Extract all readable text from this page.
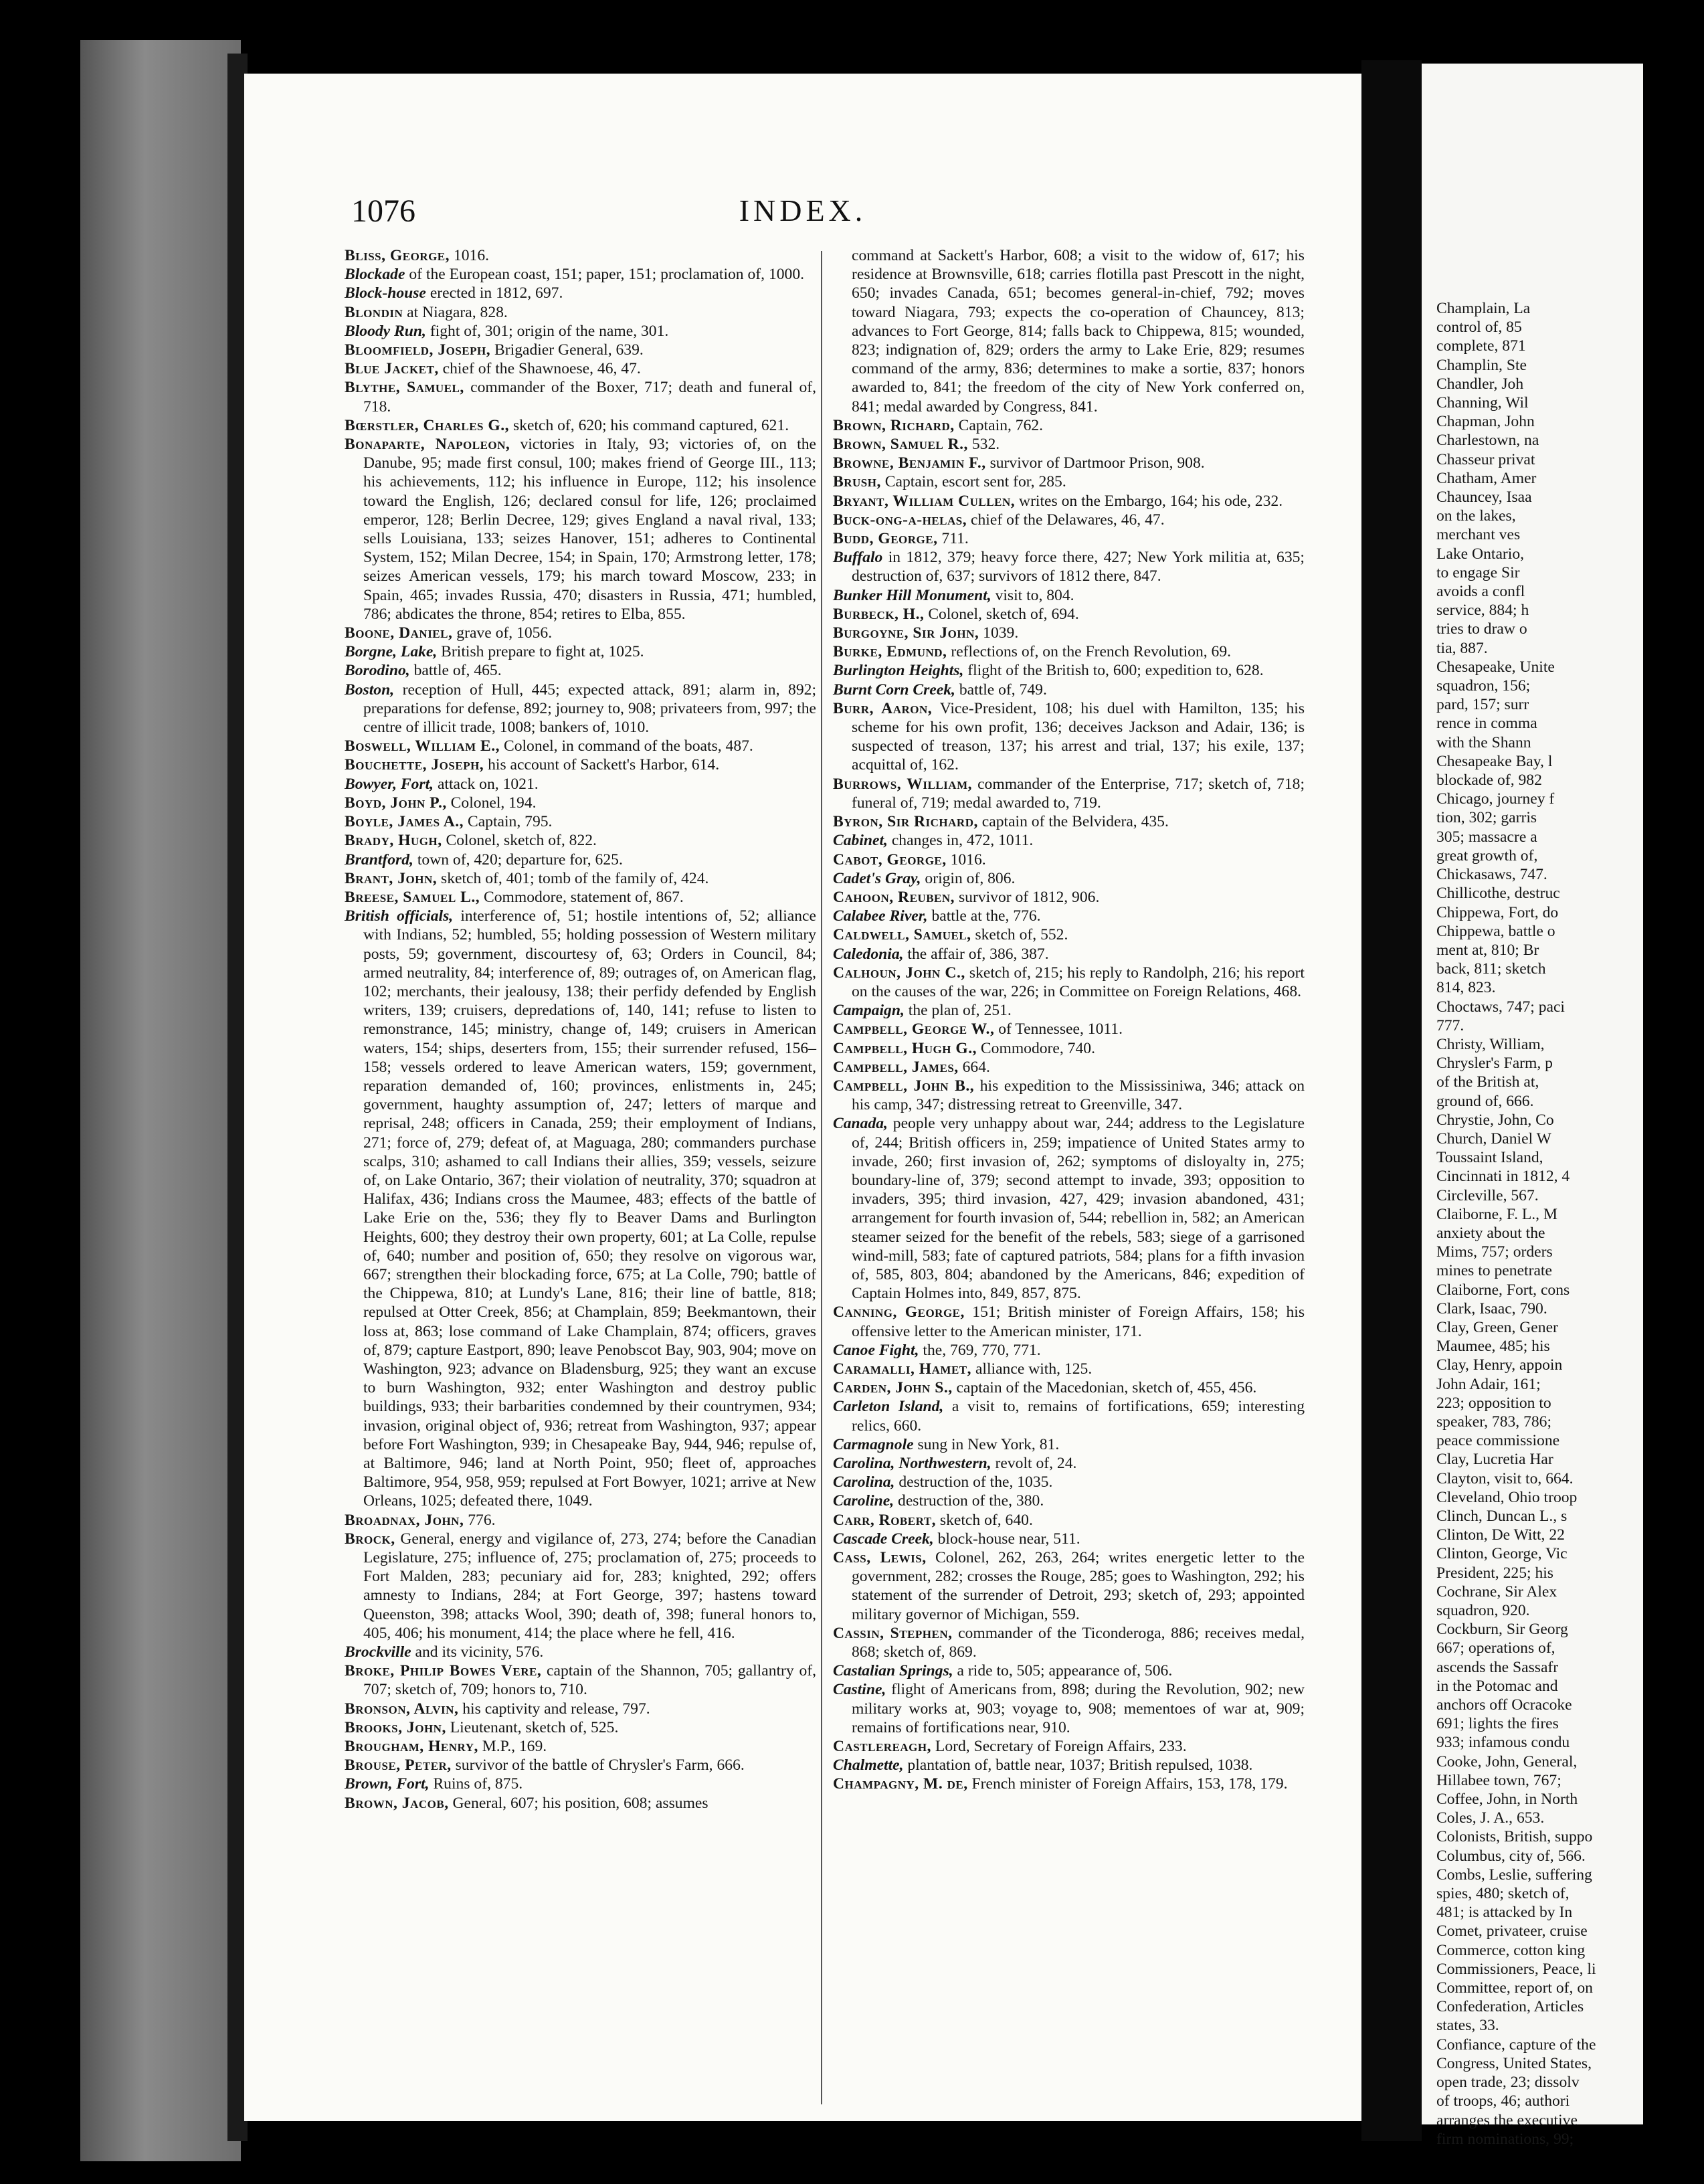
1076	INDEX.

Bliss, George, 1016.

Blockade of the European coast, 151; paper, 151; proclamation of, 1000.

Block-house erected in 1812, 697.

Blondin at Niagara, 828.

Bloody Run, fight of, 301; origin of the name, 301.

Bloomfield, Joseph, Brigadier General, 639.

Blue Jacket, chief of the Shawnoese, 46, 47.

Blythe, Samuel, commander of the Boxer, 717; death and funeral of, 718.

Bœrstler, Charles G., sketch of, 620; his command captured, 621.

Bonaparte, Napoleon, victories in Italy, 93; victories of, on the Danube, 95; made first consul, 100; makes friend of George III., 113; his achievements, 112; his influence in Europe, 112; his insolence toward the English, 126; declared consul for life, 126; proclaimed emperor, 128; Berlin Decree, 129; gives England a naval rival, 133; sells Louisiana, 133; seizes Hanover, 151; adheres to Continental System, 152; Milan Decree, 154; in Spain, 170; Armstrong letter, 178; seizes American vessels, 179; his march toward Moscow, 233; in Spain, 465; invades Russia, 470; disasters in Russia, 471; humbled, 786; abdicates the throne, 854; retires to Elba, 855.

Boone, Daniel, grave of, 1056.

Borgne, Lake, British prepare to fight at, 1025.

Borodino, battle of, 465.

Boston, reception of Hull, 445; expected attack, 891; alarm in, 892; preparations for defense, 892; journey to, 908; privateers from, 997; the centre of illicit trade, 1008; bankers of, 1010.

Boswell, William E., Colonel, in command of the boats, 487.

Bouchette, Joseph, his account of Sackett's Harbor, 614.

Bowyer, Fort, attack on, 1021.

Boyd, John P., Colonel, 194.

Boyle, James A., Captain, 795.

Brady, Hugh, Colonel, sketch of, 822.

Brantford, town of, 420; departure for, 625.

Brant, John, sketch of, 401; tomb of the family of, 424.

Breese, Samuel L., Commodore, statement of, 867.

British officials, interference of, 51; hostile intentions of, 52; alliance with Indians, 52; humbled, 55; holding possession of Western military posts, 59; government, discourtesy of, 63; Orders in Council, 84; armed neutrality, 84; interference of, 89; outrages of, on American flag, 102; merchants, their jealousy, 138; their perfidy defended by English writers, 139; cruisers, depredations of, 140, 141; refuse to listen to remonstrance, 145; ministry, change of, 149; cruisers in American waters, 154; ships, deserters from, 155; their surrender refused, 156–158; vessels ordered to leave American waters, 159; government, reparation demanded of, 160; provinces, enlistments in, 245; government, haughty assumption of, 247; letters of marque and reprisal, 248; officers in Canada, 259; their employment of Indians, 271; force of, 279; defeat of, at Maguaga, 280; commanders purchase scalps, 310; ashamed to call Indians their allies, 359; vessels, seizure of, on Lake Ontario, 367; their violation of neutrality, 370; squadron at Halifax, 436; Indians cross the Maumee, 483; effects of the battle of Lake Erie on the, 536; they fly to Beaver Dams and Burlington Heights, 600; they destroy their own property, 601; at La Colle, repulse of, 640; number and position of, 650; they resolve on vigorous war, 667; strengthen their blockading force, 675; at La Colle, 790; battle of the Chippewa, 810; at Lundy's Lane, 816; their line of battle, 818; repulsed at Otter Creek, 856; at Champlain, 859; Beekmantown, their loss at, 863; lose command of Lake Champlain, 874; officers, graves of, 879; capture Eastport, 890; leave Penobscot Bay, 903, 904; move on Washington, 923; advance on Bladensburg, 925; they want an excuse to burn Washington, 932; enter Washington and destroy public buildings, 933; their barbarities condemned by their countrymen, 934; invasion, original object of, 936; retreat from Washington, 937; appear before Fort Washington, 939; in Chesapeake Bay, 944, 946; repulse of, at Baltimore, 946; land at North Point, 950; fleet of, approaches Baltimore, 954, 958, 959; repulsed at Fort Bowyer, 1021; arrive at New Orleans, 1025; defeated there, 1049.

Broadnax, John, 776.

Brock, General, energy and vigilance of, 273, 274; before the Canadian Legislature, 275; influence of, 275; proclamation of, 275; proceeds to Fort Malden, 283; pecuniary aid for, 283; knighted, 292; offers amnesty to Indians, 284; at Fort George, 397; hastens toward Queenston, 398; attacks Wool, 390; death of, 398; funeral honors to, 405, 406; his monument, 414; the place where he fell, 416.

Brockville and its vicinity, 576.

Broke, Philip Bowes Vere, captain of the Shannon, 705; gallantry of, 707; sketch of, 709; honors to, 710.

Bronson, Alvin, his captivity and release, 797.

Brooks, John, Lieutenant, sketch of, 525.

Brougham, Henry, M.P., 169.

Brouse, Peter, survivor of the battle of Chrysler's Farm, 666.

Brown, Fort, Ruins of, 875.

Brown, Jacob, General, 607; his position, 608; assumes

command at Sackett's Harbor, 608; a visit to the widow of, 617; his residence at Brownsville, 618; carries flotilla past Prescott in the night, 650; invades Canada, 651; becomes general-in-chief, 792; moves toward Niagara, 793; expects the co-operation of Chauncey, 813; advances to Fort George, 814; falls back to Chippewa, 815; wounded, 823; indignation of, 829; orders the army to Lake Erie, 829; resumes command of the army, 836; determines to make a sortie, 837; honors awarded to, 841; the freedom of the city of New York conferred on, 841; medal awarded by Congress, 841.

Brown, Richard, Captain, 762.

Brown, Samuel R., 532.

Browne, Benjamin F., survivor of Dartmoor Prison, 908.

Brush, Captain, escort sent for, 285.

Bryant, William Cullen, writes on the Embargo, 164; his ode, 232.

Buck-ong-a-helas, chief of the Delawares, 46, 47.

Budd, George, 711.

Buffalo in 1812, 379; heavy force there, 427; New York militia at, 635; destruction of, 637; survivors of 1812 there, 847.

Bunker Hill Monument, visit to, 804.

Burbeck, H., Colonel, sketch of, 694.

Burgoyne, Sir John, 1039.

Burke, Edmund, reflections of, on the French Revolution, 69.

Burlington Heights, flight of the British to, 600; expedition to, 628.

Burnt Corn Creek, battle of, 749.

Burr, Aaron, Vice-President, 108; his duel with Hamilton, 135; his scheme for his own profit, 136; deceives Jackson and Adair, 136; is suspected of treason, 137; his arrest and trial, 137; his exile, 137; acquittal of, 162.

Burrows, William, commander of the Enterprise, 717; sketch of, 718; funeral of, 719; medal awarded to, 719.

Byron, Sir Richard, captain of the Belvidera, 435.

Cabinet, changes in, 472, 1011.

Cabot, George, 1016.

Cadet's Gray, origin of, 806.

Cahoon, Reuben, survivor of 1812, 906.

Calabee River, battle at the, 776.

Caldwell, Samuel, sketch of, 552.

Caledonia, the affair of, 386, 387.

Calhoun, John C., sketch of, 215; his reply to Randolph, 216; his report on the causes of the war, 226; in Committee on Foreign Relations, 468.

Campaign, the plan of, 251.

Campbell, George W., of Tennessee, 1011.

Campbell, Hugh G., Commodore, 740.

Campbell, James, 664.

Campbell, John B., his expedition to the Mississiniwa, 346; attack on his camp, 347; distressing retreat to Greenville, 347.

Canada, people very unhappy about war, 244; address to the Legislature of, 244; British officers in, 259; impatience of United States army to invade, 260; first invasion of, 262; symptoms of disloyalty in, 275; boundary-line of, 379; second attempt to invade, 393; opposition to invaders, 395; third invasion, 427, 429; invasion abandoned, 431; arrangement for fourth invasion of, 544; rebellion in, 582; an American steamer seized for the benefit of the rebels, 583; siege of a garrisoned wind-mill, 583; fate of captured patriots, 584; plans for a fifth invasion of, 585, 803, 804; abandoned by the Americans, 846; expedition of Captain Holmes into, 849, 857, 875.

Canning, George, 151; British minister of Foreign Affairs, 158; his offensive letter to the American minister, 171.

Canoe Fight, the, 769, 770, 771.

Caramalli, Hamet, alliance with, 125.

Carden, John S., captain of the Macedonian, sketch of, 455, 456.

Carleton Island, a visit to, remains of fortifications, 659; interesting relics, 660.

Carmagnole sung in New York, 81.

Carolina, Northwestern, revolt of, 24.

Carolina, destruction of the, 1035.

Caroline, destruction of the, 380.

Carr, Robert, sketch of, 640.

Cascade Creek, block-house near, 511.

Cass, Lewis, Colonel, 262, 263, 264; writes energetic letter to the government, 282; crosses the Rouge, 285; goes to Washington, 292; his statement of the surrender of Detroit, 293; sketch of, 293; appointed military governor of Michigan, 559.

Cassin, Stephen, commander of the Ticonderoga, 886; receives medal, 868; sketch of, 869.

Castalian Springs, a ride to, 505; appearance of, 506.

Castine, flight of Americans from, 898; during the Revolution, 902; new military works at, 903; voyage to, 908; mementoes of war at, 909; remains of fortifications near, 910.

Castlereagh, Lord, Secretary of Foreign Affairs, 233.

Chalmette, plantation of, battle near, 1037; British repulsed, 1038.

Champagny, M. de, French minister of Foreign Affairs, 153, 178, 179.

Champlain, La
control of, 85
complete, 871
Champlin, Ste
Chandler, Joh
Channing, Wil
Chapman, John
Charlestown, na
Chasseur privat
Chatham, Amer
Chauncey, Isaa
on the lakes,
merchant ves
Lake Ontario,
to engage Sir
avoids a confl
service, 884; h
tries to draw o
tia, 887.
Chesapeake, Unite
squadron, 156;
pard, 157; surr
rence in comma
with the Shann
Chesapeake Bay, l
blockade of, 982
Chicago, journey f
tion, 302; garris
305; massacre a
great growth of,
Chickasaws, 747.
Chillicothe, destruc
Chippewa, Fort, do
Chippewa, battle o
ment at, 810; Br
back, 811; sketch
814, 823.
Choctaws, 747; paci
777.
Christy, William,
Chrysler's Farm, p
of the British at,
ground of, 666.
Chrystie, John, Co
Church, Daniel W
Toussaint Island,
Cincinnati in 1812, 4
Circleville, 567.
Claiborne, F. L., M
anxiety about the
Mims, 757; orders
mines to penetrate
Claiborne, Fort, cons
Clark, Isaac, 790.
Clay, Green, Gener
Maumee, 485; his
Clay, Henry, appoin
John Adair, 161;
223; opposition to
speaker, 783, 786;
peace commissione
Clay, Lucretia Har
Clayton, visit to, 664.
Cleveland, Ohio troop
Clinch, Duncan L., s
Clinton, De Witt, 22
Clinton, George, Vic
President, 225; his
Cochrane, Sir Alex
squadron, 920.
Cockburn, Sir Georg
667; operations of,
ascends the Sassafr
in the Potomac and
anchors off Ocracoke
691; lights the fires
933; infamous condu
Cooke, John, General,
Hillabee town, 767;
Coffee, John, in North
Coles, J. A., 653.
Colonists, British, suppo
Columbus, city of, 566.
Combs, Leslie, suffering
spies, 480; sketch of,
481; is attacked by In
Comet, privateer, cruise
Commerce, cotton king
Commissioners, Peace, li
Committee, report of, on
Confederation, Articles
states, 33.
Confiance, capture of the
Congress, United States,
open trade, 23; dissolv
of troops, 46; authori
arranges the executive
firm nominations, 99;
